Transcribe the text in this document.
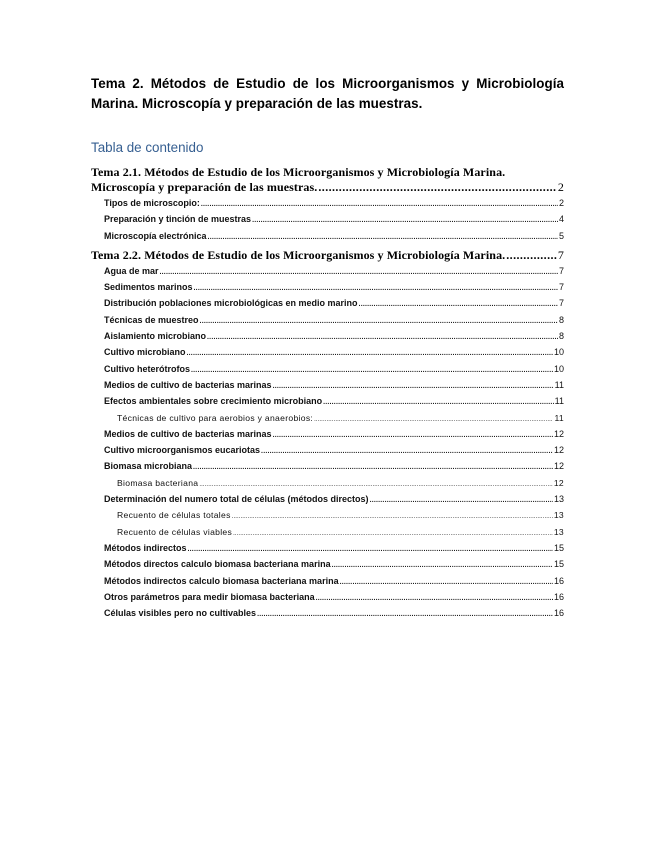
Tema 2. Métodos de Estudio de los Microorganismos y Microbiología Marina. Microscopía y preparación de las muestras.
Tabla de contenido
Tema 2.1. Métodos de Estudio de los Microorganismos y Microbiología Marina.
Microscopía y preparación de las muestras. .....	2
Tipos de microscopio: .....	2
Preparación y tinción de muestras .....	4
Microscopía electrónica .....	5
Tema 2.2. Métodos de Estudio de los Microorganismos y Microbiología Marina. .....	7
Agua de mar .....	7
Sedimentos marinos .....	7
Distribución poblaciones microbiológicas en medio marino .....	7
Técnicas de muestreo .....	8
Aislamiento microbiano .....	8
Cultivo microbiano .....	10
Cultivo heterótrofos .....	10
Medios de cultivo de bacterias marinas .....	11
Efectos ambientales sobre crecimiento microbiano .....	11
Técnicas de cultivo para aerobios y anaerobios: .....	11
Medios de cultivo de bacterias marinas .....	12
Cultivo microorganismos eucariotas .....	12
Biomasa microbiana .....	12
Biomasa bacteriana .....	12
Determinación del numero total de células (métodos directos) .....	13
Recuento de células totales .....	13
Recuento de células viables .....	13
Métodos indirectos .....	15
Métodos directos calculo biomasa bacteriana marina .....	15
Métodos indirectos calculo biomasa bacteriana marina .....	16
Otros parámetros para medir biomasa bacteriana .....	16
Células visibles pero no cultivables .....	16
